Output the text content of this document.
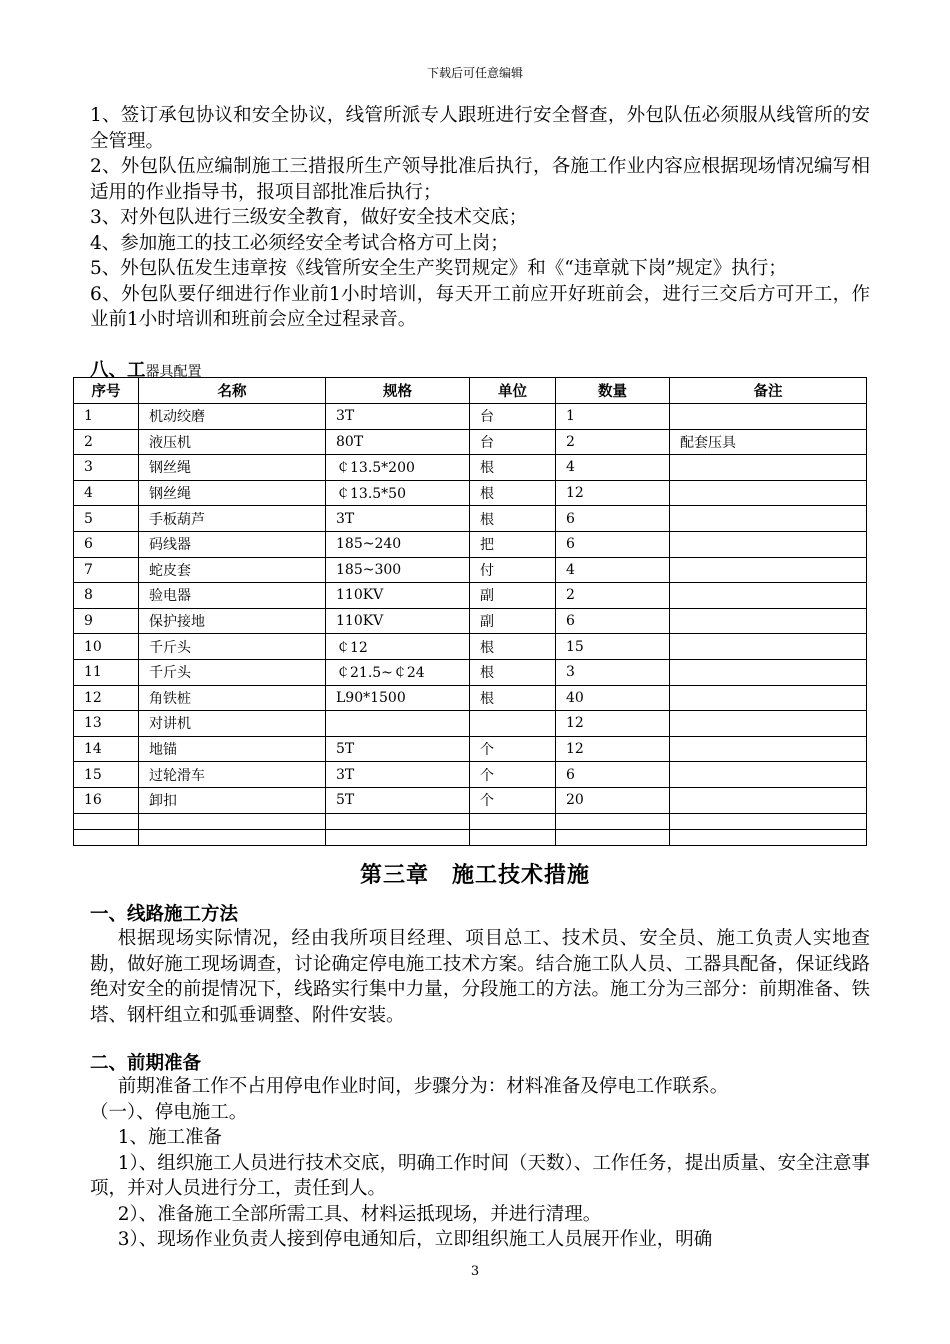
下载后可任意编辑

1、签订承包协议和安全协议，线管所派专人跟班进行安全督查，外包队伍必须服从线管所的安全管理。

2、外包队伍应编制施工三措报所生产领导批准后执行，各施工作业内容应根据现场情况编写相适用的作业指导书，报项目部批准后执行；

3、对外包队进行三级安全教育，做好安全技术交底；

4、参加施工的技工必须经安全考试合格方可上岗；

5、外包队伍发生违章按《线管所安全生产奖罚规定》和《“违章就下岗”规定》执行；

6、外包队要仔细进行作业前1小时培训，每天开工前应开好班前会，进行三交后方可开工，作业前1小时培训和班前会应全过程录音。

八、工器具配置
序号	名称	规格	单位	数量	备注
1	机动绞磨	3T	台	1	
2	液压机	80T	台	2	配套压具
3	钢丝绳	￠13.5*200	根	4	
4	钢丝绳	￠13.5*50	根	12	
5	手板葫芦	3T	根	6	
6	码线器	185~240	把	6	
7	蛇皮套	185~300	付	4	
8	验电器	110KV	副	2	
9	保护接地	110KV	副	6	
10	千斤头	￠12	根	15	
11	千斤头	￠21.5~￠24	根	3	
12	角铁桩	L90*1500	根	40	
13	对讲机			12	
14	地锚	5T	个	12	
15	过轮滑车	3T	个	6	
16	卸扣	5T	个	20	

第三章　施工技术措施
一、线路施工方法

根据现场实际情况，经由我所项目经理、项目总工、技术员、安全员、施工负责人实地查勘，做好施工现场调查，讨论确定停电施工技术方案。结合施工队人员、工器具配备，保证线路绝对安全的前提情况下，线路实行集中力量，分段施工的方法。施工分为三部分：前期准备、铁塔、钢杆组立和弧垂调整、附件安装。

二、前期准备

前期准备工作不占用停电作业时间，步骤分为：材料准备及停电工作联系。

（一）、停电施工。

1、施工准备

1）、组织施工人员进行技术交底，明确工作时间（天数）、工作任务，提出质量、安全注意事项，并对人员进行分工，责任到人。

2）、准备施工全部所需工具、材料运抵现场，并进行清理。

3）、现场作业负责人接到停电通知后，立即组织施工人员展开作业，明确

3
